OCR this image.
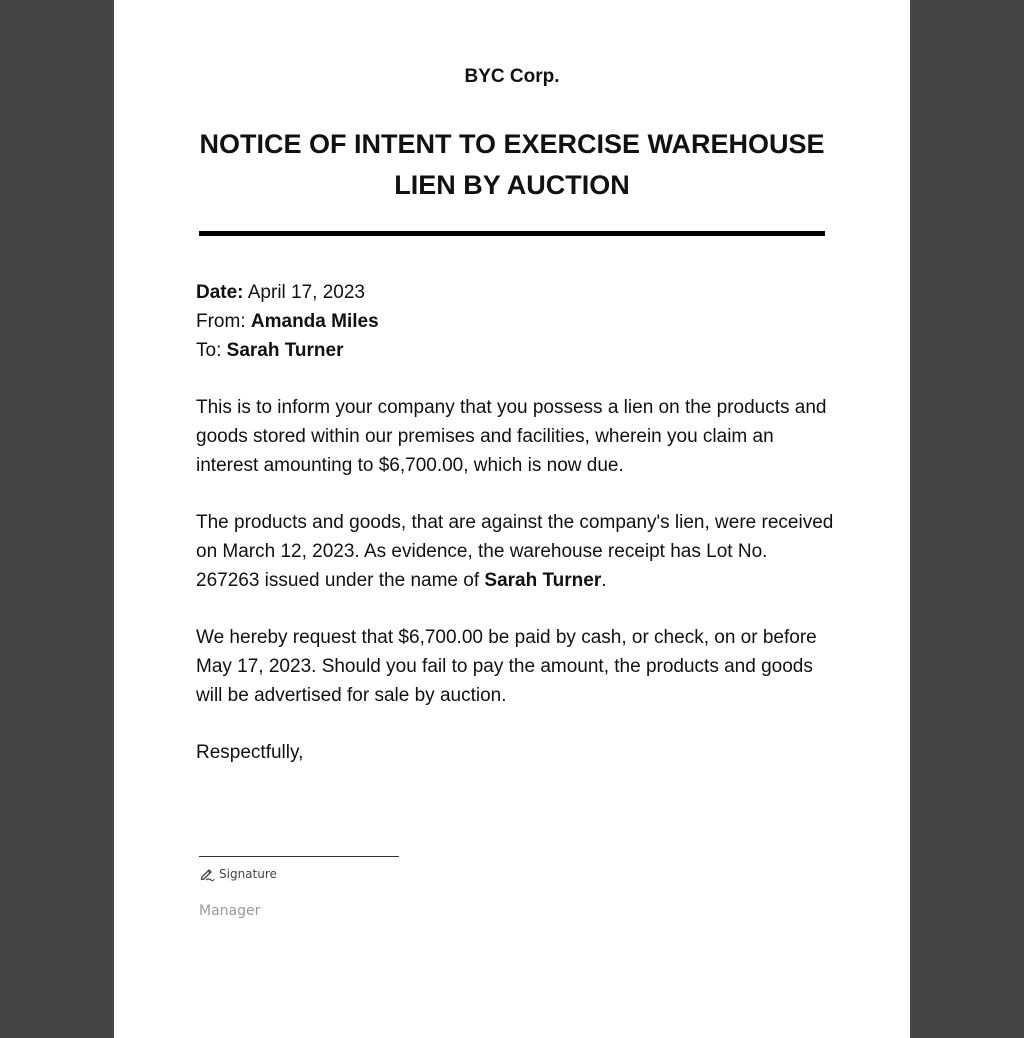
BYC Corp.
NOTICE OF INTENT TO EXERCISE WAREHOUSE LIEN BY AUCTION
Date: April 17, 2023
From: Amanda Miles
To: Sarah Turner
This is to inform your company that you possess a lien on the products and goods stored within our premises and facilities, wherein you claim an interest amounting to $6,700.00, which is now due.
The products and goods, that are against the company's lien, were received on March 12, 2023. As evidence, the warehouse receipt has Lot No. 267263 issued under the name of Sarah Turner.
We hereby request that $6,700.00 be paid by cash, or check, on or before May 17, 2023. Should you fail to pay the amount, the products and goods will be advertised for sale by auction.
Respectfully,
Signature
Manager
